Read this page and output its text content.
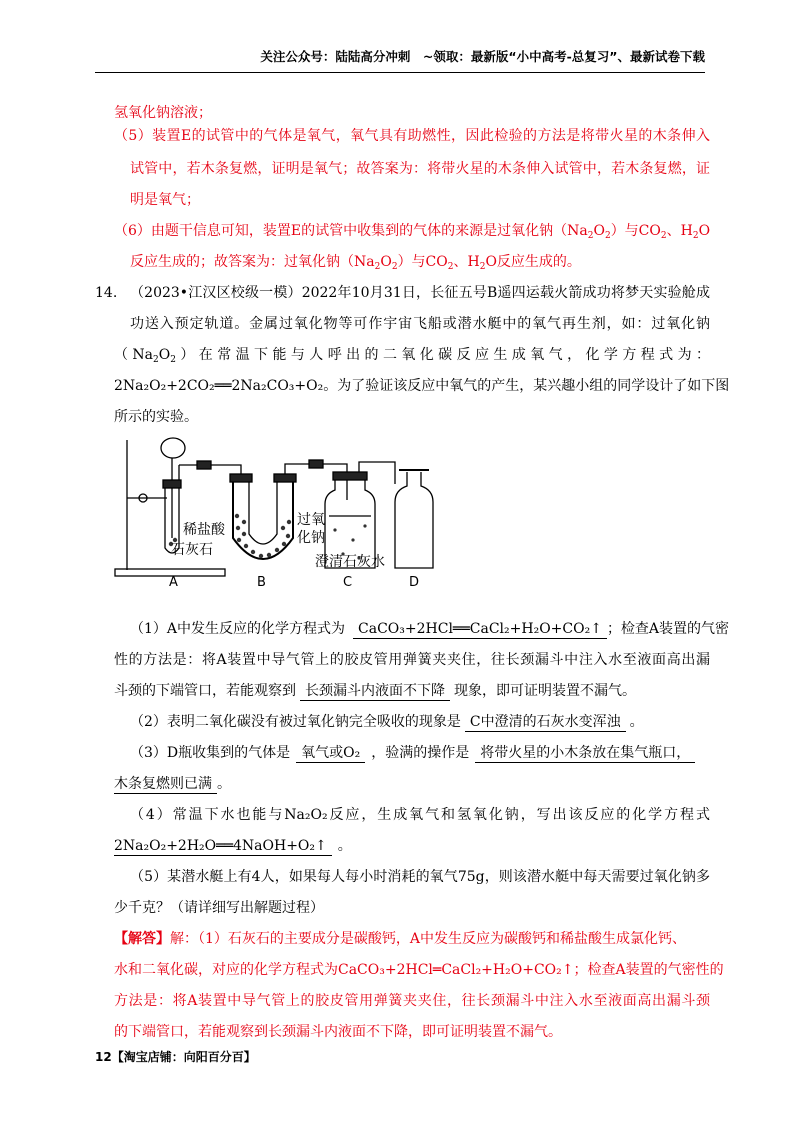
关注公众号：陆陆高分冲刺　~领取：最新版“小中高考-总复习”、最新试卷下载
氢氧化钠溶液；
（5）装置E的试管中的气体是氧气，氧气具有助燃性，因此检验的方法是将带火星的木条伸入
试管中，若木条复燃，证明是氧气；故答案为：将带火星的木条伸入试管中，若木条复燃，证
明是氧气；
（6）由题干信息可知，装置E的试管中收集到的气体的来源是过氧化钠$(Na_2O_2)$与$CO_2$、$H_2O$
反应生成的；故答案为：过氧化钠$(Na_2O_2)$与$CO_2$、$H_2O$反应生成的。
14. （2023•江汉区校级一模）2022年10月31日，长征五号B遥四运载火箭成功将梦天实验舱成
功送入预定轨道。金属过氧化物等可作宇宙飞船或潜水艇中的氧气再生剂，如：过氧化钠
$(Na_2O_2)$在常温下能与人呼出的二氧化碳反应生成氧气，化学方程式为：
2Na₂O₂+2CO₂══2Na₂CO₃+O₂。为了验证该反应中氧气的产生，某兴趣小组的同学设计了如下图
所示的实验。
稀盐酸
石灰石
过氧
化钠
澄清石灰水
A	B	C	D
（1）A中发生反应的化学方程式为 CaCO₃+2HCl══CaCl₂+H₂O+CO₂↑ ；检查A装置的气密
性的方法是：将A装置中导气管上的胶皮管用弹簧夹夹住，往长颈漏斗中注入水至液面高出漏
斗颈的下端管口，若能观察到 长颈漏斗内液面不下降 现象，即可证明装置不漏气。
（2）表明二氧化碳没有被过氧化钠完全吸收的现象是 C中澄清的石灰水变浑浊 。
（3）D瓶收集到的气体是 氧气或O₂ ，验满的操作是 将带火星的小木条放在集气瓶口，
木条复燃则已满 。
（4）常温下水也能与Na₂O₂反应，生成氧气和氢氧化钠，写出该反应的化学方程式
2Na₂O₂+2H₂O══4NaOH+O₂↑ 。
（5）某潜水艇上有4人，如果每人每小时消耗的氧气75g，则该潜水艇中每天需要过氧化钠多
少千克？（请详细写出解题过程）
【解答】解：（1）石灰石的主要成分是碳酸钙，A中发生反应为碳酸钙和稀盐酸生成氯化钙、
水和二氧化碳，对应的化学方程式为CaCO₃+2HCl═CaCl₂+H₂O+CO₂↑；检查A装置的气密性的
方法是：将A装置中导气管上的胶皮管用弹簧夹夹住，往长颈漏斗中注入水至液面高出漏斗颈
的下端管口，若能观察到长颈漏斗内液面不下降，即可证明装置不漏气。
12【淘宝店铺：向阳百分百】
